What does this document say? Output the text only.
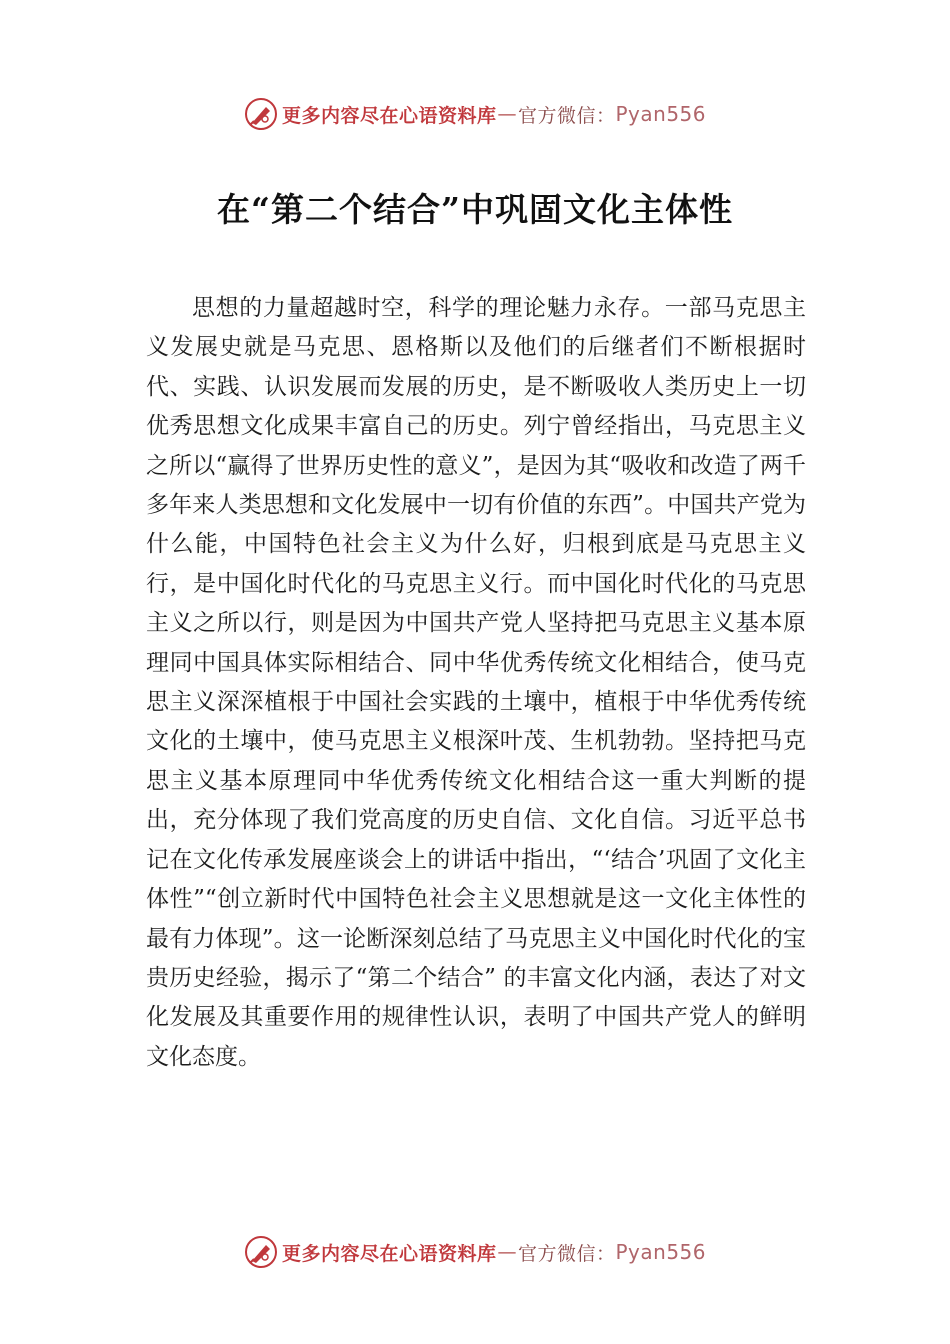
更多内容尽在心语资料库 — 官方微信： Pyan556
在“第二个结合”中巩固文化主体性

思想的力量超越时空，科学的理论魅力永存。一部马克思主义发展史就是马克思、恩格斯以及他们的后继者们不断根据时代、实践、认识发展而发展的历史，是不断吸收人类历史上一切优秀思想文化成果丰富自己的历史。列宁曾经指出，马克思主义之所以“赢得了世界历史性的意义”，是因为其“吸收和改造了两千多年来人类思想和文化发展中一切有价值的东西”。中国共产党为什么能，中国特色社会主义为什么好，归根到底是马克思主义行，是中国化时代化的马克思主义行。而中国化时代化的马克思主义之所以行，则是因为中国共产党人坚持把马克思主义基本原理同中国具体实际相结合、同中华优秀传统文化相结合，使马克思主义深深植根于中国社会实践的土壤中，植根于中华优秀传统文化的土壤中，使马克思主义根深叶茂、生机勃勃。坚持把马克思主义基本原理同中华优秀传统文化相结合这一重大判断的提出，充分体现了我们党高度的历史自信、文化自信。习近平总书记在文化传承发展座谈会上的讲话中指出，“‘结合’巩固了文化主体性”“创立新时代中国特色社会主义思想就是这一文化主体性的最有力体现”。这一论断深刻总结了马克思主义中国化时代化的宝贵历史经验，揭示了“第二个结合” 的丰富文化内涵，表达了对文化发展及其重要作用的规律性认识，表明了中国共产党人的鲜明文化态度。

更多内容尽在心语资料库 — 官方微信： Pyan556
